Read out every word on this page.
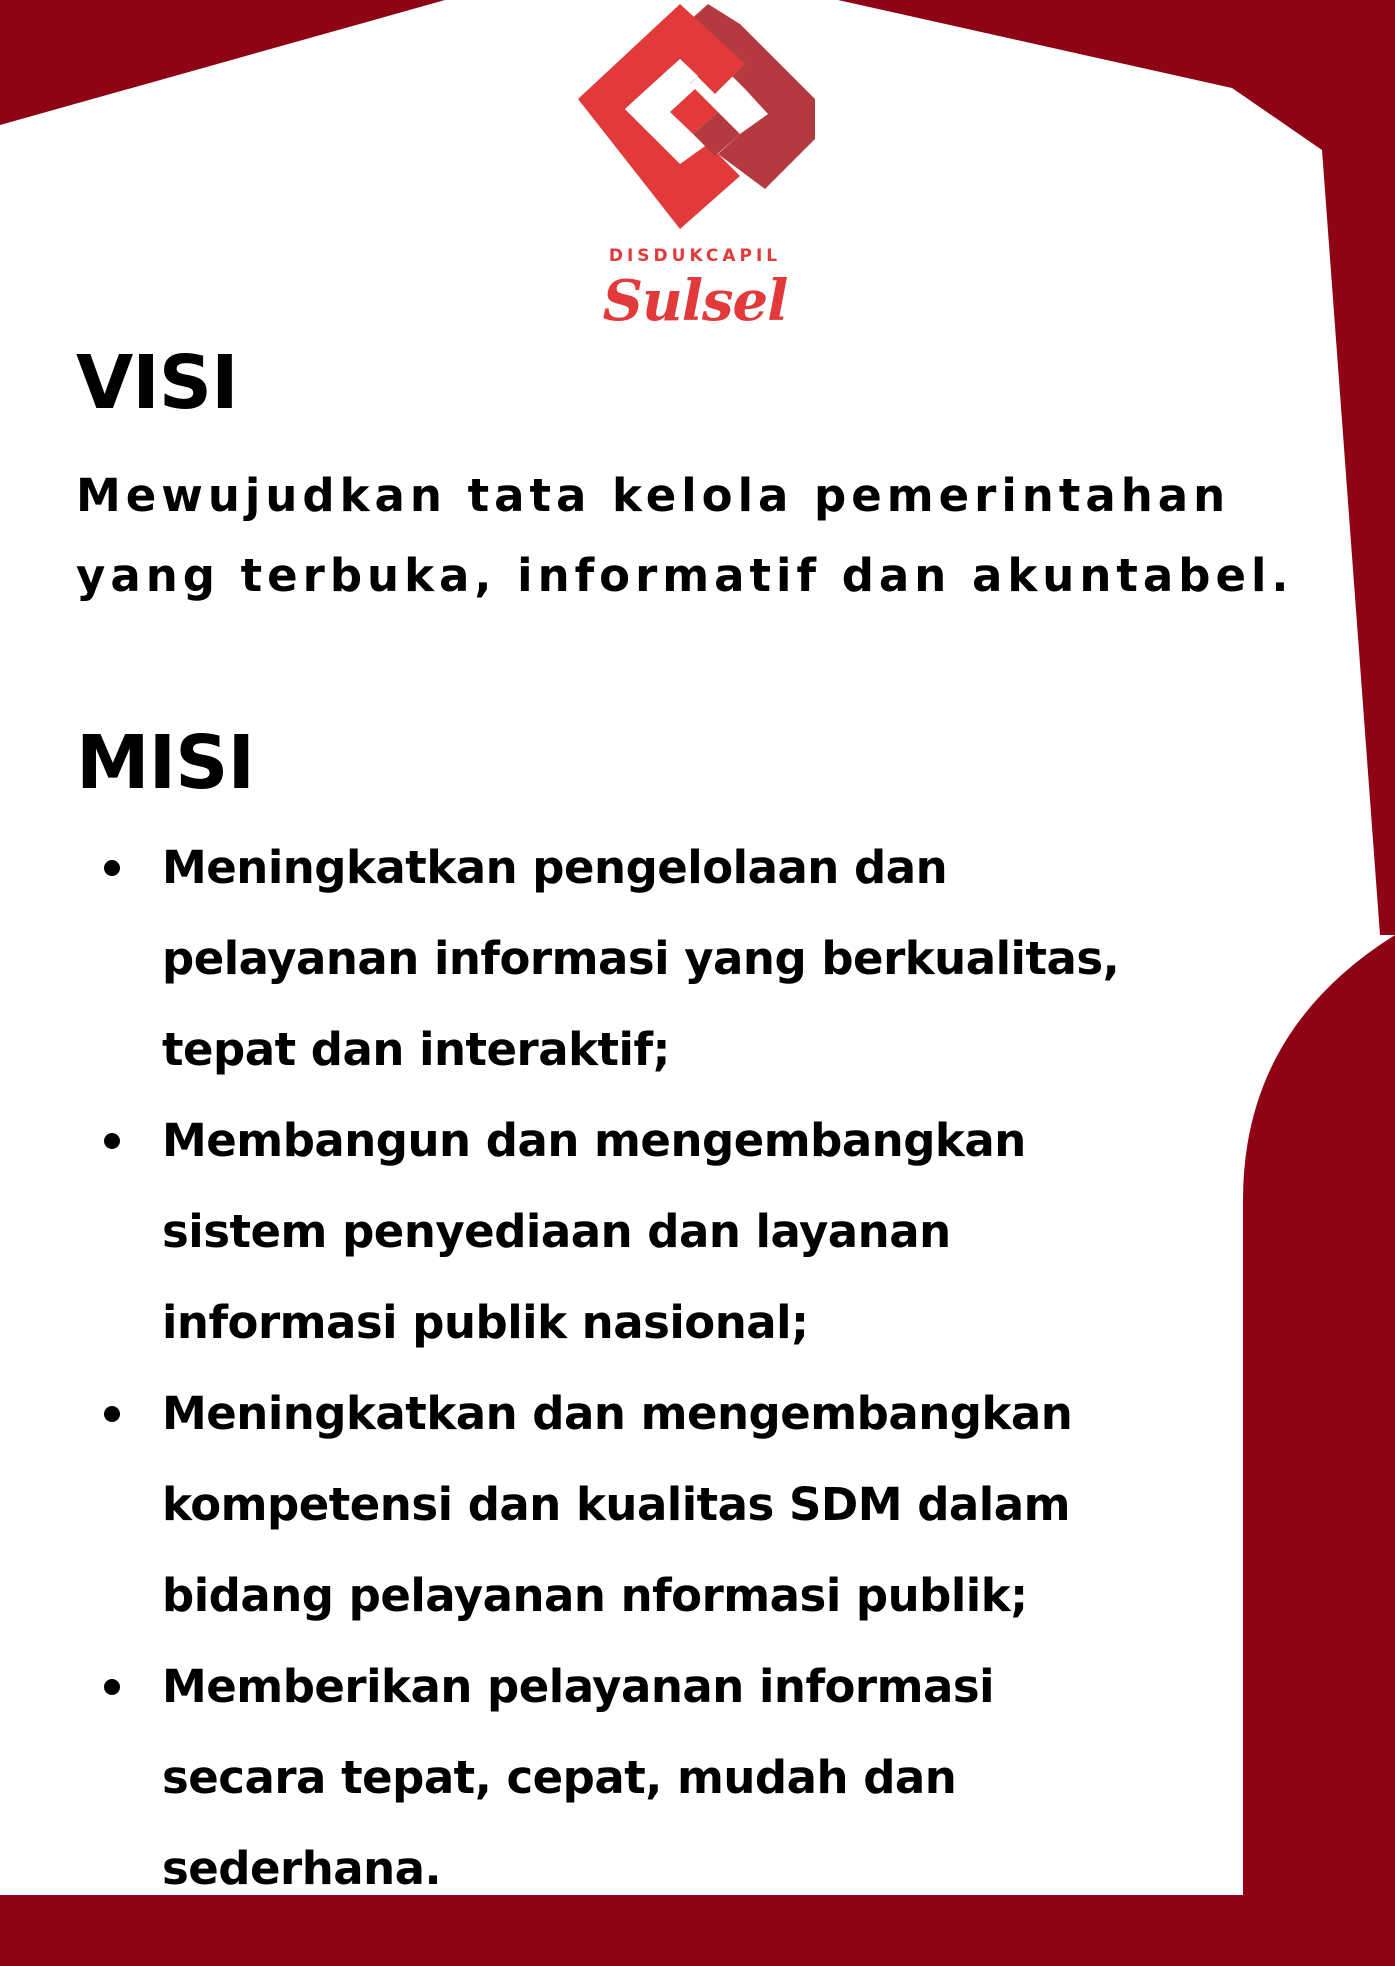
DISDUKCAPIL
Sulsel
VISI
Mewujudkan tata kelola pemerintahan
yang terbuka, informatif dan akuntabel.
MISI
Meningkatkan pengelolaan dan
pelayanan informasi yang berkualitas,
tepat dan interaktif;
Membangun dan mengembangkan
sistem penyediaan dan layanan
informasi publik nasional;
Meningkatkan dan mengembangkan
kompetensi dan kualitas SDM dalam
bidang pelayanan nformasi publik;
Memberikan pelayanan informasi
secara tepat, cepat, mudah dan
sederhana.
